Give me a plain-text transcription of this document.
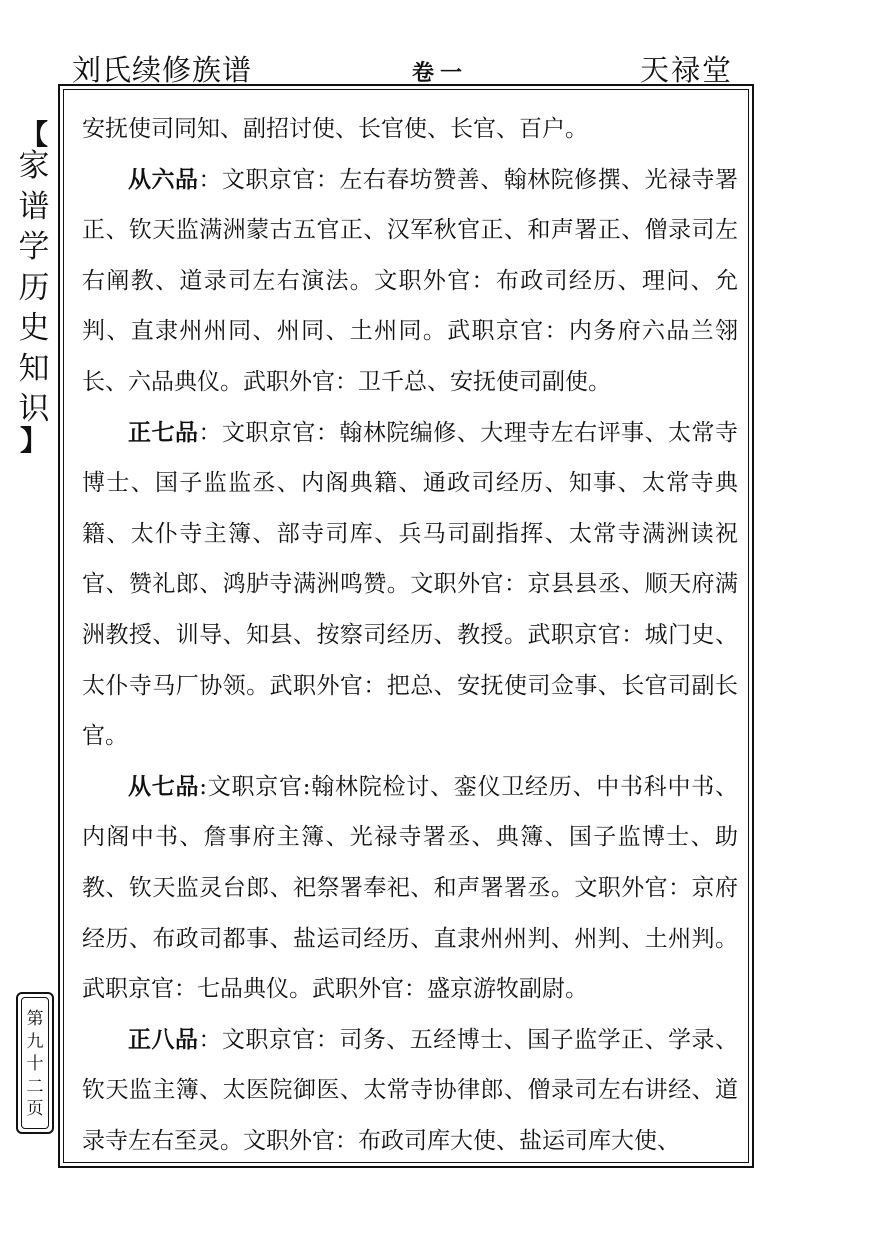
刘氏续修族谱	卷一	天禄堂
【
家
谱
学
历
史
知
识
】
第
九
十
二
页

安抚使司同知、副招讨使、长官使、长官、百户。

从六品：文职京官：左右春坊赞善、翰林院修撰、光禄寺署正、钦天监满洲蒙古五官正、汉军秋官正、和声署正、僧录司左右阐教、道录司左右演法。文职外官：布政司经历、理问、允判、直隶州州同、州同、土州同。武职京官：内务府六品兰翎长、六品典仪。武职外官：卫千总、安抚使司副使。

正七品：文职京官：翰林院编修、大理寺左右评事、太常寺博士、国子监监丞、内阁典籍、通政司经历、知事、太常寺典籍、太仆寺主簿、部寺司库、兵马司副指挥、太常寺满洲读祝官、赞礼郎、鸿胪寺满洲鸣赞。文职外官：京县县丞、顺天府满洲教授、训导、知县、按察司经历、教授。武职京官：城门史、太仆寺马厂协领。武职外官：把总、安抚使司佥事、长官司副长官。

从七品:文职京官:翰林院检讨、銮仪卫经历、中书科中书、内阁中书、詹事府主簿、光禄寺署丞、典簿、国子监博士、助教、钦天监灵台郎、祀祭署奉祀、和声署署丞。文职外官：京府经历、布政司都事、盐运司经历、直隶州州判、州判、土州判。武职京官：七品典仪。武职外官：盛京游牧副尉。

正八品：文职京官：司务、五经博士、国子监学正、学录、钦天监主簿、太医院御医、太常寺协律郎、僧录司左右讲经、道录寺左右至灵。文职外官：布政司库大使、盐运司库大使、
